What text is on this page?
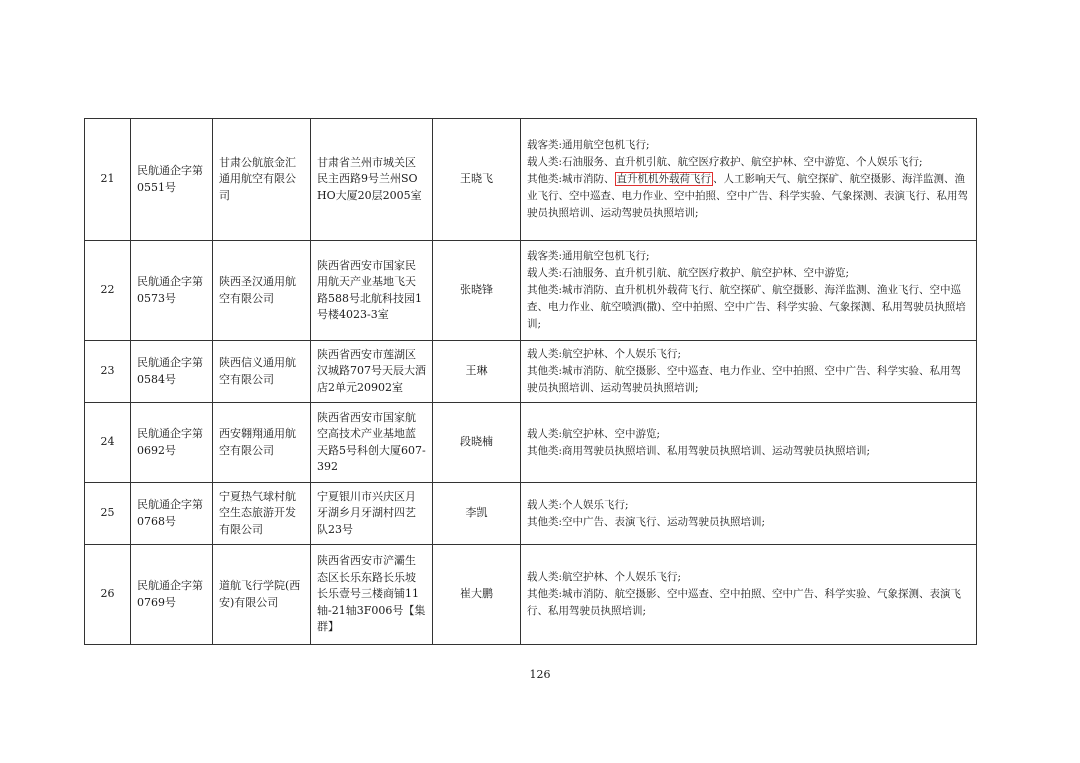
21	民航通企字第0551号	甘肃公航旅金汇通用航空有限公司	甘肃省兰州市城关区民主西路9号兰州SOHO大厦20层2005室	王晓飞	载客类:通用航空包机飞行;
载人类:石油服务、直升机引航、航空医疗救护、航空护林、空中游览、个人娱乐飞行;
其他类:城市消防、 直升机机外载荷飞行 、人工影响天气、航空探矿、航空摄影、海洋监测、渔业飞行、空中巡查、电力作业、空中拍照、空中广告、科学实验、气象探测、表演飞行、私用驾驶员执照培训、运动驾驶员执照培训;

22	民航通企字第0573号	陕西圣汉通用航空有限公司	陕西省西安市国家民用航天产业基地飞天路588号北航科技园1号楼4023-3室	张晓锋	载客类:通用航空包机飞行;
载人类:石油服务、直升机引航、航空医疗救护、航空护林、空中游览;
其他类:城市消防、直升机机外载荷飞行、航空探矿、航空摄影、海洋监测、渔业飞行、空中巡查、电力作业、航空喷洒(撒)、空中拍照、空中广告、科学实验、气象探测、私用驾驶员执照培训;

23	民航通企字第0584号	陕西信义通用航空有限公司	陕西省西安市莲湖区汉城路707号天辰大酒店2单元20902室	王琳	载人类:航空护林、个人娱乐飞行;
其他类:城市消防、航空摄影、空中巡查、电力作业、空中拍照、空中广告、科学实验、私用驾驶员执照培训、运动驾驶员执照培训;

24	民航通企字第0692号	西安翱翔通用航空有限公司	陕西省西安市国家航空高技术产业基地蓝天路5号科创大厦607-392	段晓楠	载人类:航空护林、空中游览;
其他类:商用驾驶员执照培训、私用驾驶员执照培训、运动驾驶员执照培训;

25	民航通企字第0768号	宁夏热气球村航空生态旅游开发有限公司	宁夏银川市兴庆区月牙湖乡月牙湖村四艺队23号	李凯	载人类:个人娱乐飞行;
其他类:空中广告、表演飞行、运动驾驶员执照培训;

26	民航通企字第0769号	道航飞行学院(西安)有限公司	陕西省西安市浐灞生态区长乐东路长乐坡长乐壹号三楼商铺11轴-21轴3F006号【集群】	崔大鹏	载人类:航空护林、个人娱乐飞行;
其他类:城市消防、航空摄影、空中巡查、空中拍照、空中广告、科学实验、气象探测、表演飞行、私用驾驶员执照培训;
126
